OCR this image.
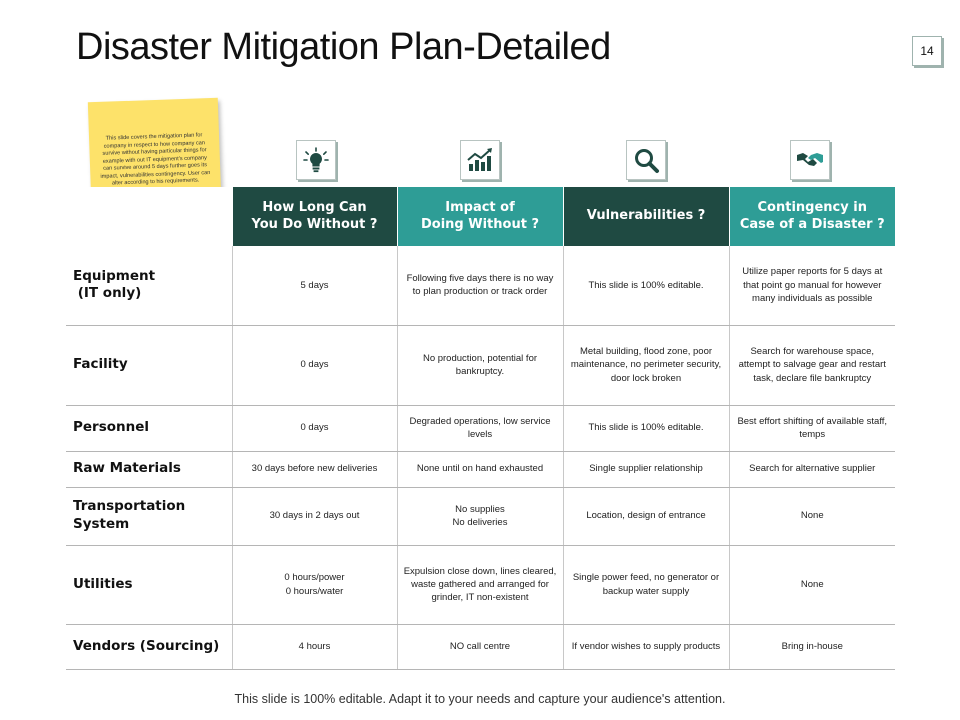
Disaster Mitigation Plan-Detailed	14
This slide covers the mitigation plan for company in respect to how company can survive without having particular things for example with out IT equipment's company can survive around 5 days further goes its impact, vulnerabilities contingency. User can alter according to his requirements.
	How Long Can
You Do Without ?	Impact of
Doing Without ?	Vulnerabilities ?	Contingency in
Case of a Disaster ?
Equipment
(IT only)	5 days	Following five days there is no way to plan production or track order	This slide is 100% editable.	Utilize paper reports for 5 days at that point go manual for however many individuals as possible
Facility	0 days	No production, potential for bankruptcy.	Metal building, flood zone, poor maintenance, no perimeter security, door lock broken	Search for warehouse space, attempt to salvage gear and restart task, declare file bankruptcy
Personnel	0 days	Degraded operations, low service levels	This slide is 100% editable.	Best effort shifting of available staff, temps
Raw Materials	30 days before new deliveries	None until on hand exhausted	Single supplier relationship	Search for alternative supplier
Transportation
System	30 days in 2 days out	No supplies
No deliveries	Location, design of entrance	None
Utilities	0 hours/power
0 hours/water	Expulsion close down, lines cleared, waste gathered and arranged for grinder, IT non-existent	Single power feed, no generator or backup water supply	None
Vendors (Sourcing)	4 hours	NO call centre	If vendor wishes to supply products	Bring in-house
This slide is 100% editable. Adapt it to your needs and capture your audience's attention.
